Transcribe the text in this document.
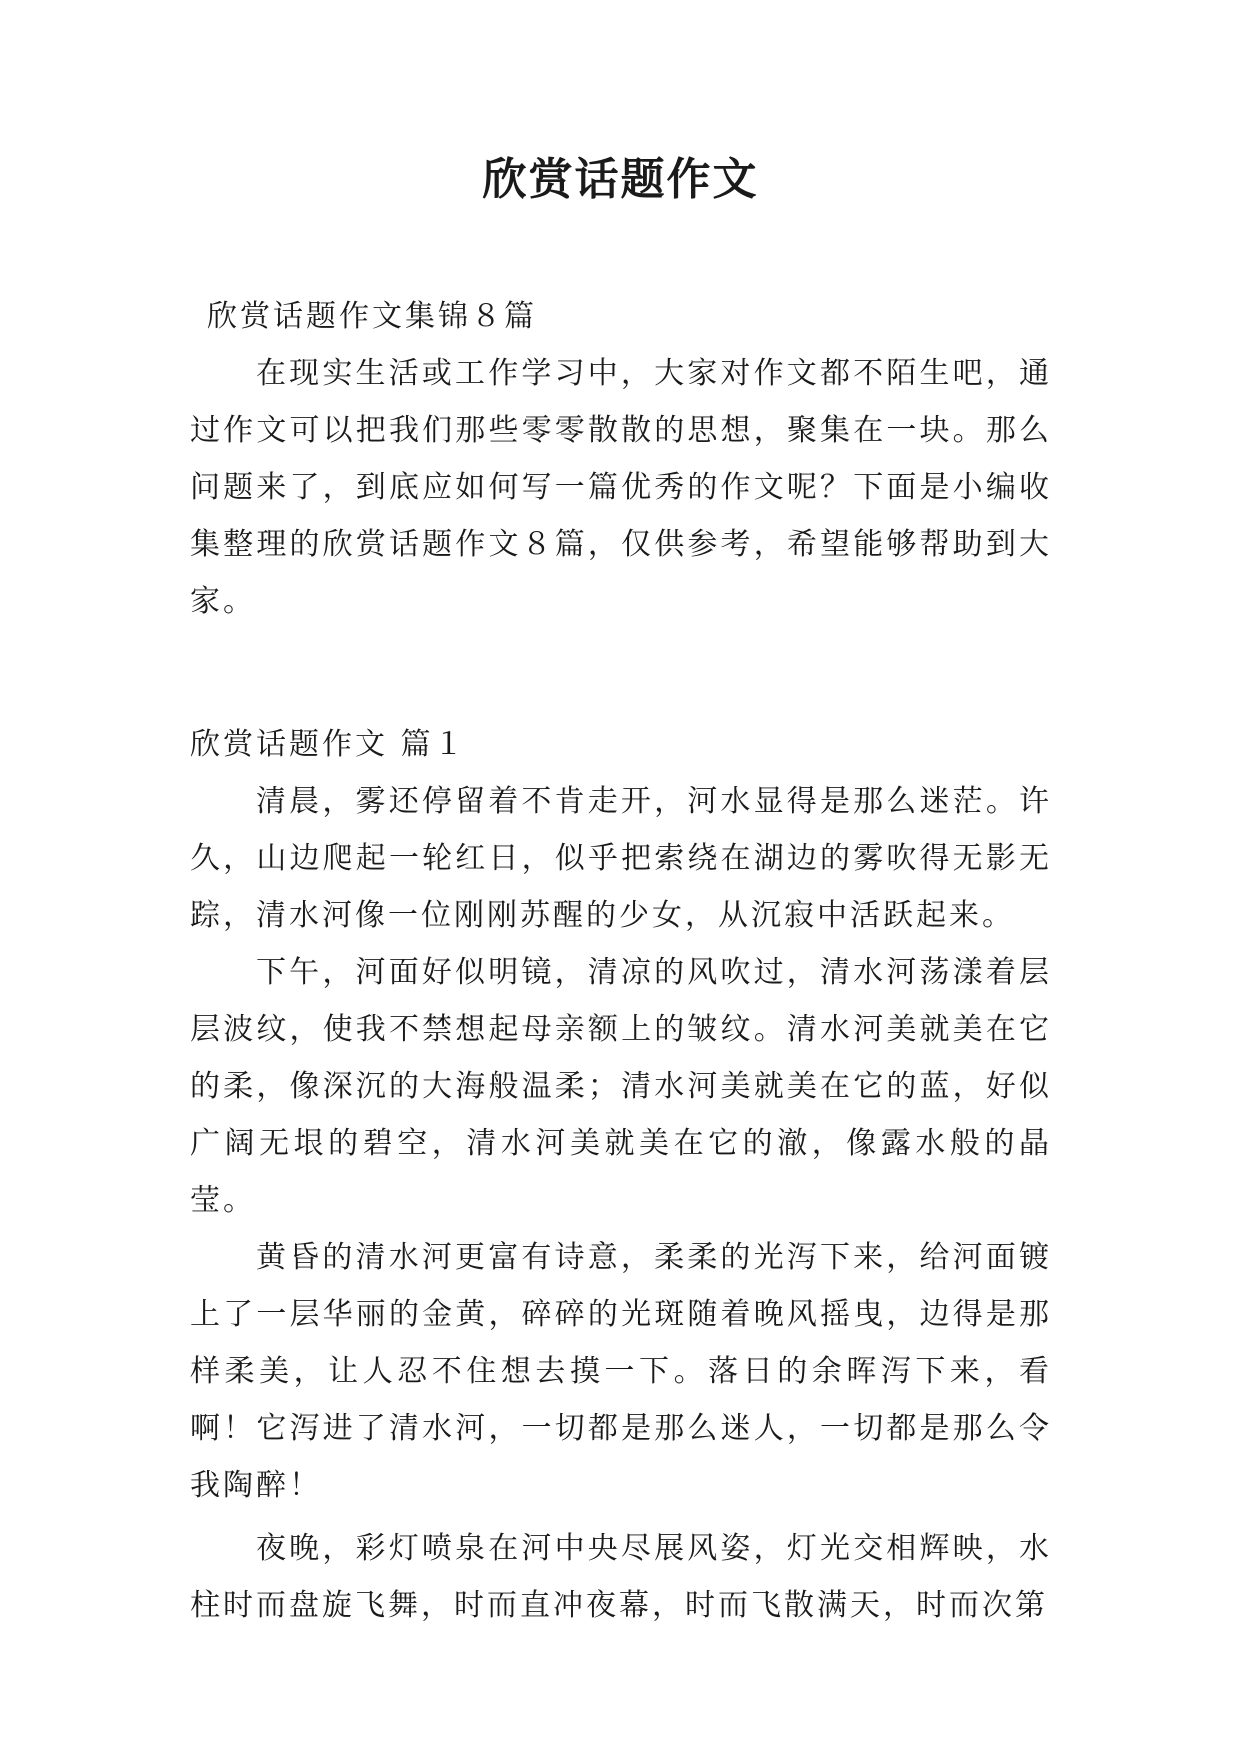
欣赏话题作文
欣赏话题作文集锦８篇

在现实生活或工作学习中，大家对作文都不陌生吧，通过作文可以把我们那些零零散散的思想，聚集在一块。那么问题来了，到底应如何写一篇优秀的作文呢？下面是小编收集整理的欣赏话题作文８篇，仅供参考，希望能够帮助到大家。

欣赏话题作文 篇１

清晨，雾还停留着不肯走开，河水显得是那么迷茫。许久，山边爬起一轮红日，似乎把索绕在湖边的雾吹得无影无踪，清水河像一位刚刚苏醒的少女，从沉寂中活跃起来。

下午，河面好似明镜，清凉的风吹过，清水河荡漾着层层波纹，使我不禁想起母亲额上的皱纹。清水河美就美在它的柔，像深沉的大海般温柔；清水河美就美在它的蓝，好似广阔无垠的碧空，清水河美就美在它的澈，像露水般的晶莹。

黄昏的清水河更富有诗意，柔柔的光泻下来，给河面镀上了一层华丽的金黄，碎碎的光斑随着晚风摇曳，边得是那样柔美，让人忍不住想去摸一下。落日的余晖泻下来，看啊！它泻进了清水河，一切都是那么迷人，一切都是那么令我陶醉！

夜晚，彩灯喷泉在河中央尽展风姿，灯光交相辉映，水柱时而盘旋飞舞，时而直冲夜幕，时而飞散满天，时而次第
